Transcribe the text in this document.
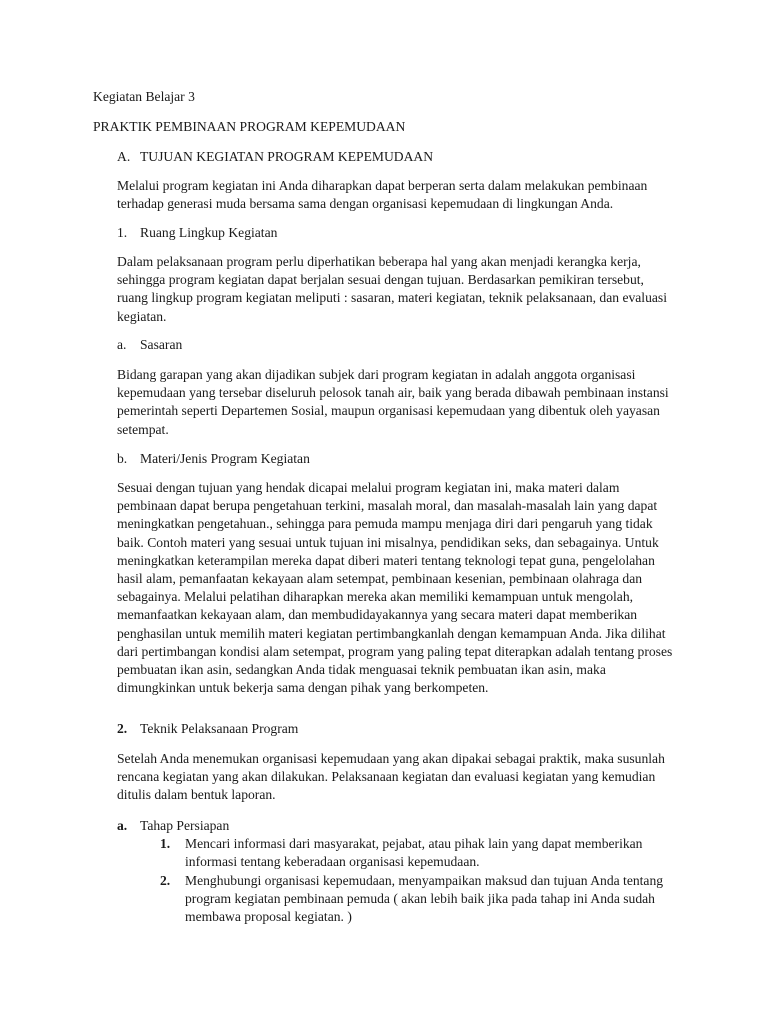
Kegiatan Belajar 3
PRAKTIK PEMBINAAN PROGRAM KEPEMUDAAN
A. TUJUAN KEGIATAN PROGRAM KEPEMUDAAN

Melalui program kegiatan ini Anda diharapkan dapat berperan serta dalam melakukan pembinaan terhadap generasi muda bersama sama dengan organisasi kepemudaan di lingkungan Anda.

1. Ruang Lingkup Kegiatan

Dalam pelaksanaan program perlu diperhatikan beberapa hal yang akan menjadi kerangka kerja, sehingga program kegiatan dapat berjalan sesuai dengan tujuan. Berdasarkan pemikiran tersebut, ruang lingkup program kegiatan meliputi : sasaran, materi kegiatan, teknik pelaksanaan, dan evaluasi kegiatan.

a. Sasaran

Bidang garapan yang akan dijadikan subjek dari program kegiatan in adalah anggota organisasi kepemudaan yang tersebar diseluruh pelosok tanah air, baik yang berada dibawah pembinaan instansi pemerintah seperti Departemen Sosial, maupun organisasi kepemudaan yang dibentuk oleh yayasan setempat.

b. Materi/Jenis Program Kegiatan

Sesuai dengan tujuan yang hendak dicapai melalui program kegiatan ini, maka materi dalam pembinaan dapat berupa pengetahuan terkini, masalah moral, dan masalah-masalah lain yang dapat meningkatkan pengetahuan., sehingga para pemuda mampu menjaga diri dari pengaruh yang tidak baik. Contoh materi yang sesuai untuk tujuan ini misalnya, pendidikan seks, dan sebagainya. Untuk meningkatkan keterampilan mereka dapat diberi materi tentang teknologi tepat guna, pengelolahan hasil alam, pemanfaatan kekayaan alam setempat, pembinaan kesenian, pembinaan olahraga dan sebagainya. Melalui pelatihan diharapkan mereka akan memiliki kemampuan untuk mengolah, memanfaatkan kekayaan alam, dan membudidayakannya yang secara materi dapat memberikan penghasilan untuk memilih materi kegiatan pertimbangkanlah dengan kemampuan Anda. Jika dilihat dari pertimbangan kondisi alam setempat, program yang paling tepat diterapkan adalah tentang proses pembuatan ikan asin, sedangkan Anda tidak menguasai teknik pembuatan ikan asin, maka dimungkinkan untuk bekerja sama dengan pihak yang berkompeten.

2. Teknik Pelaksanaan Program

Setelah Anda menemukan organisasi kepemudaan yang akan dipakai sebagai praktik, maka susunlah rencana kegiatan yang akan dilakukan. Pelaksanaan kegiatan dan evaluasi kegiatan yang kemudian ditulis dalam bentuk laporan.

a. Tahap Persiapan
1. Mencari informasi dari masyarakat, pejabat, atau pihak lain yang dapat memberikan informasi tentang keberadaan organisasi kepemudaan.

2. Menghubungi organisasi kepemudaan, menyampaikan maksud dan tujuan Anda tentang program kegiatan pembinaan pemuda ( akan lebih baik jika pada tahap ini Anda sudah membawa proposal kegiatan. )
